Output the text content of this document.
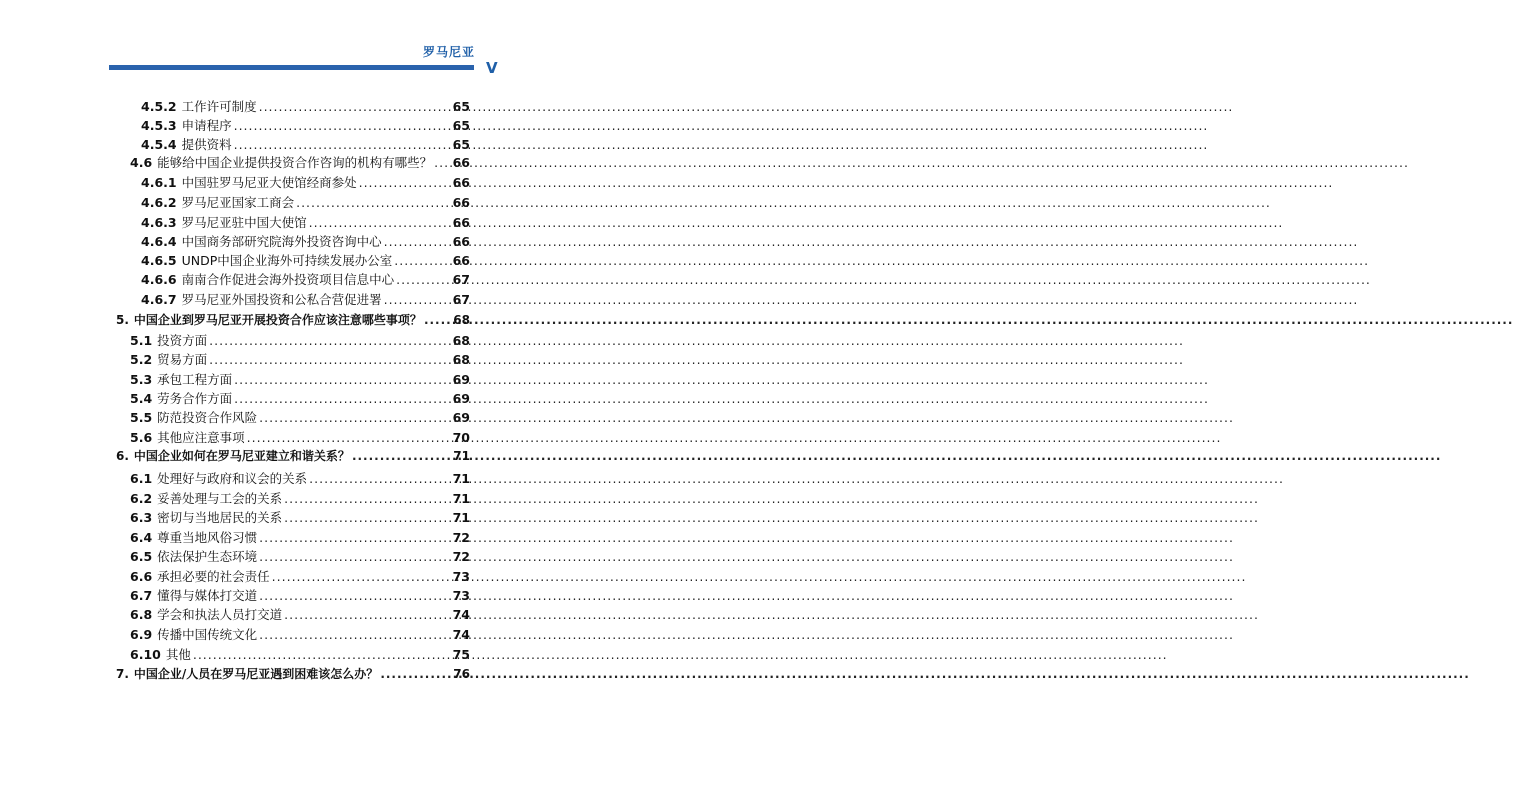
罗马尼亚
V
4.5.2 工作许可制度 .....	65
4.5.3 申请程序 .....	65
4.5.4 提供资料 .....	65
4.6 能够给中国企业提供投资合作咨询的机构有哪些？ ..... 66
4.6.1 中国驻罗马尼亚大使馆经商参处 .....	66
4.6.2 罗马尼亚国家工商会 .....	66
4.6.3 罗马尼亚驻中国大使馆 .....	66
4.6.4 中国商务部研究院海外投资咨询中心 .....	66
4.6.5 UNDP中国企业海外可持续发展办公室 .....	66
4.6.6 南南合作促进会海外投资项目信息中心 .....	67
4.6.7 罗马尼亚外国投资和公私合营促进署 .....	67
5. 中国企业到罗马尼亚开展投资合作应该注意哪些事项？ .....	68
5.1 投资方面 .....	68
5.2 贸易方面 .....	68
5.3 承包工程方面 .....	69
5.4 劳务合作方面 .....	69
5.5 防范投资合作风险 .....	69
5.6 其他应注意事项 .....	70
6. 中国企业如何在罗马尼亚建立和谐关系？ .....	71
6.1 处理好与政府和议会的关系 .....	71
6.2 妥善处理与工会的关系 .....	71
6.3 密切与当地居民的关系 .....	71
6.4 尊重当地风俗习惯 .....	72
6.5 依法保护生态环境 .....	72
6.6 承担必要的社会责任 .....	73
6.7 懂得与媒体打交道 .....	73
6.8 学会和执法人员打交道 .....	74
6.9 传播中国传统文化 .....	74
6.10 其他 .....	75
7. 中国企业/人员在罗马尼亚遇到困难该怎么办？ .....	76
